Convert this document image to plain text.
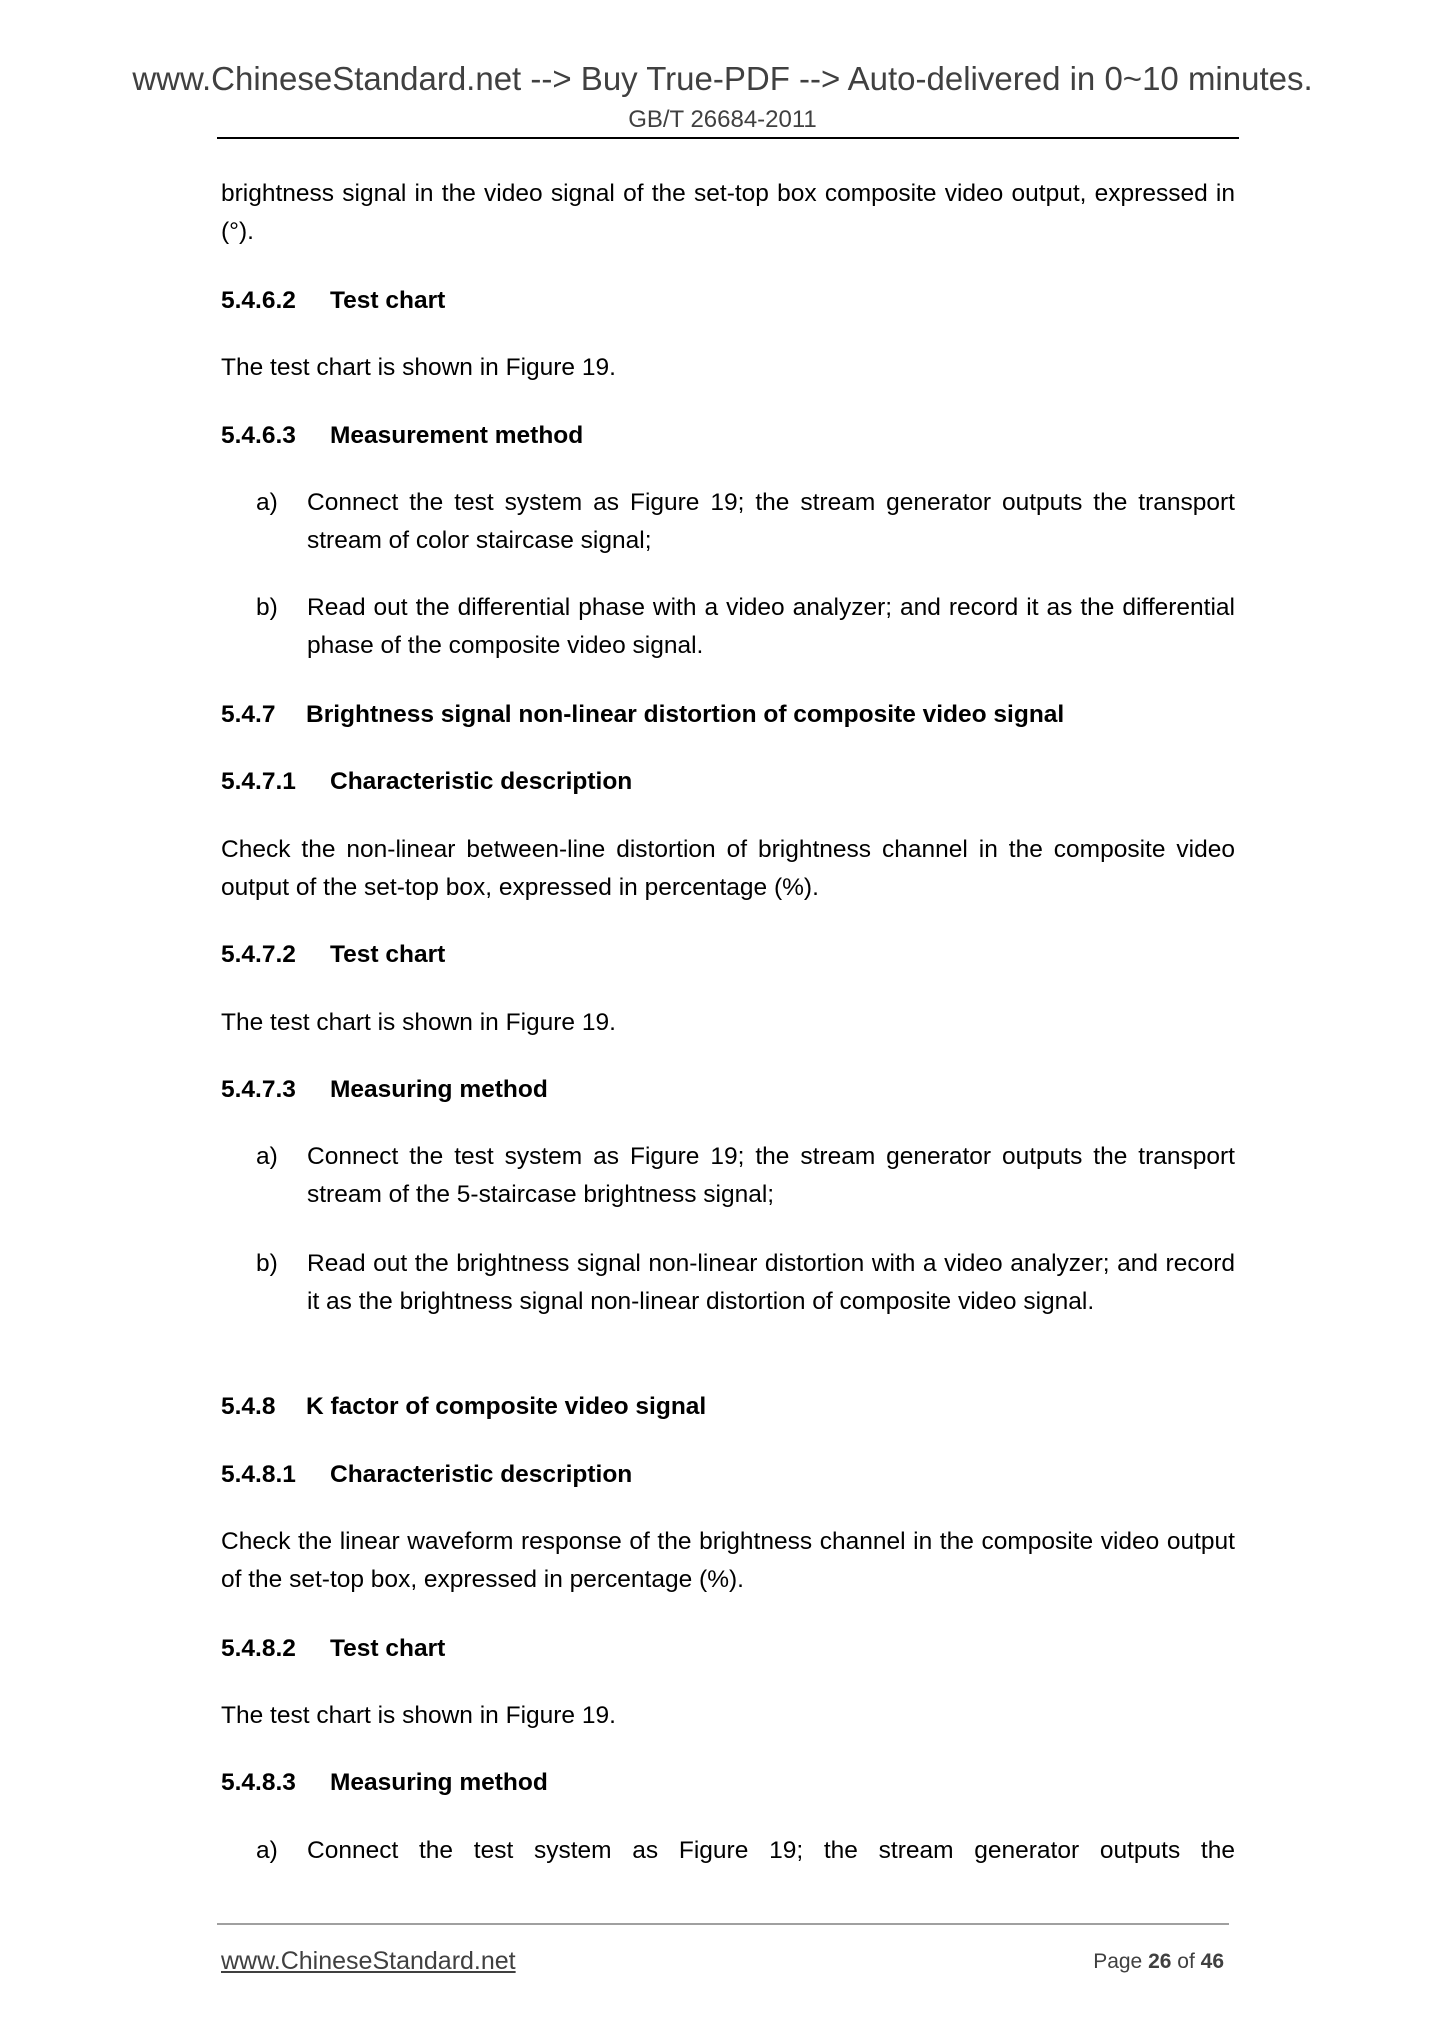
www.ChineseStandard.net --> Buy True-PDF --> Auto-delivered in 0~10 minutes.
GB/T 26684-2011
brightness signal in the video signal of the set-top box composite video output, expressed in (°).
5.4.6.2 Test chart
The test chart is shown in Figure 19.
5.4.6.3 Measurement method
a) Connect the test system as Figure 19; the stream generator outputs the transport stream of color staircase signal;
b) Read out the differential phase with a video analyzer; and record it as the differential phase of the composite video signal.
5.4.7 Brightness signal non-linear distortion of composite video signal
5.4.7.1 Characteristic description
Check the non-linear between-line distortion of brightness channel in the composite video output of the set-top box, expressed in percentage (%).
5.4.7.2 Test chart
The test chart is shown in Figure 19.
5.4.7.3 Measuring method
a) Connect the test system as Figure 19; the stream generator outputs the transport stream of the 5-staircase brightness signal;
b) Read out the brightness signal non-linear distortion with a video analyzer; and record it as the brightness signal non-linear distortion of composite video signal.
5.4.8 K factor of composite video signal
5.4.8.1 Characteristic description
Check the linear waveform response of the brightness channel in the composite video output of the set-top box, expressed in percentage (%).
5.4.8.2 Test chart
The test chart is shown in Figure 19.
5.4.8.3 Measuring method
a) Connect the test system as Figure 19; the stream generator outputs the
www.ChineseStandard.net	Page 26 of 46
